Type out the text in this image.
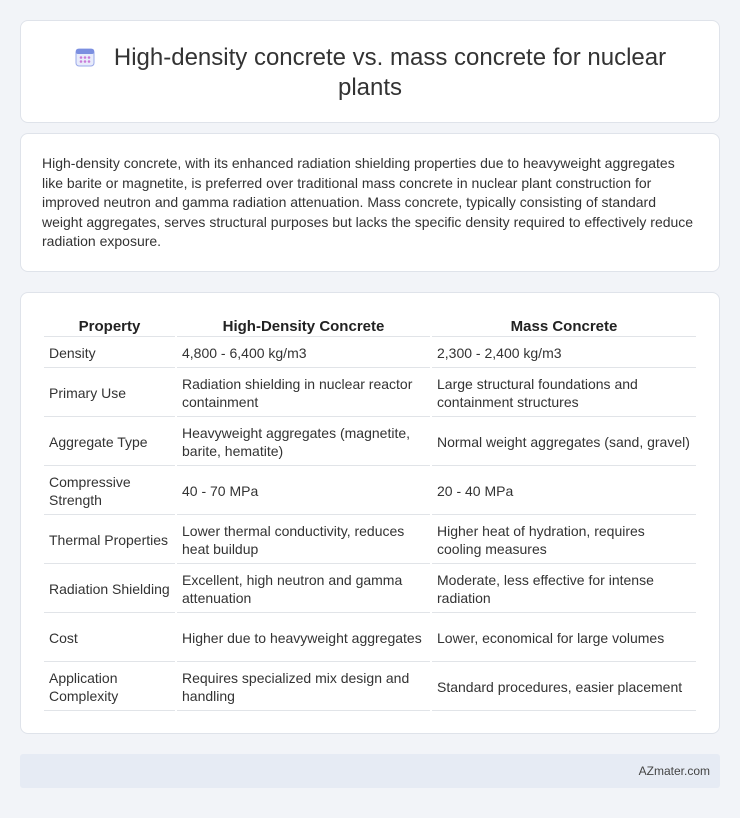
High-density concrete vs. mass concrete for nuclear plants
High-density concrete, with its enhanced radiation shielding properties due to heavyweight aggregates like barite or magnetite, is preferred over traditional mass concrete in nuclear plant construction for improved neutron and gamma radiation attenuation. Mass concrete, typically consisting of standard weight aggregates, serves structural purposes but lacks the specific density required to effectively reduce radiation exposure.
Property	High-Density Concrete	Mass Concrete
Density	4,800 - 6,400 kg/m3	2,300 - 2,400 kg/m3
Primary Use	Radiation shielding in nuclear reactor containment	Large structural foundations and containment structures
Aggregate Type	Heavyweight aggregates (magnetite, barite, hematite)	Normal weight aggregates (sand, gravel)
Compressive Strength	40 - 70 MPa	20 - 40 MPa
Thermal Properties	Lower thermal conductivity, reduces heat buildup	Higher heat of hydration, requires cooling measures
Radiation Shielding	Excellent, high neutron and gamma attenuation	Moderate, less effective for intense radiation
Cost	Higher due to heavyweight aggregates	Lower, economical for large volumes
Application Complexity	Requires specialized mix design and handling	Standard procedures, easier placement
AZmater.com
